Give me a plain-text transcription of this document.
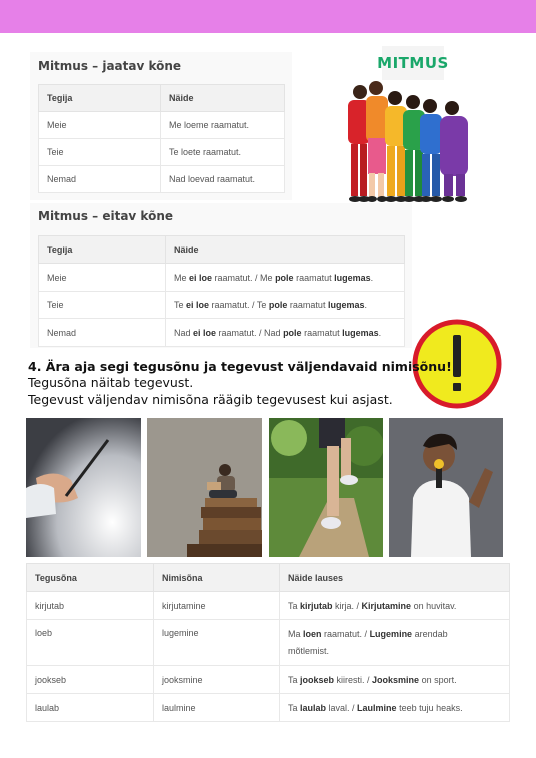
Mitmus – jaatav kõne
Tegija	Näide
Meie	Me loeme raamatut.
Teie	Te loete raamatut.
Nemad	Nad loevad raamatut.
MITMUS
Mitmus – eitav kõne
Tegija	Näide
Meie	Me ei loe raamatut. / Me pole raamatut lugemas.
Teie	Te ei loe raamatut. / Te pole raamatut lugemas.
Nemad	Nad ei loe raamatut. / Nad pole raamatut lugemas.
4. Ära aja segi tegusõnu ja tegevust väljendavaid nimisõnu!
Tegusõna näitab tegevust.
Tegevust väljendav nimisõna räägib tegevusest kui asjast.
Tegusõna	Nimisõna	Näide lauses
kirjutab	kirjutamine	Ta kirjutab kirja. / Kirjutamine on huvitav.
loeb	lugemine	Ma loen raamatut. / Lugemine arendab
mõtlemist.
jookseb	jooksmine	Ta jookseb kiiresti. / Jooksmine on sport.
laulab	laulmine	Ta laulab laval. / Laulmine teeb tuju heaks.
